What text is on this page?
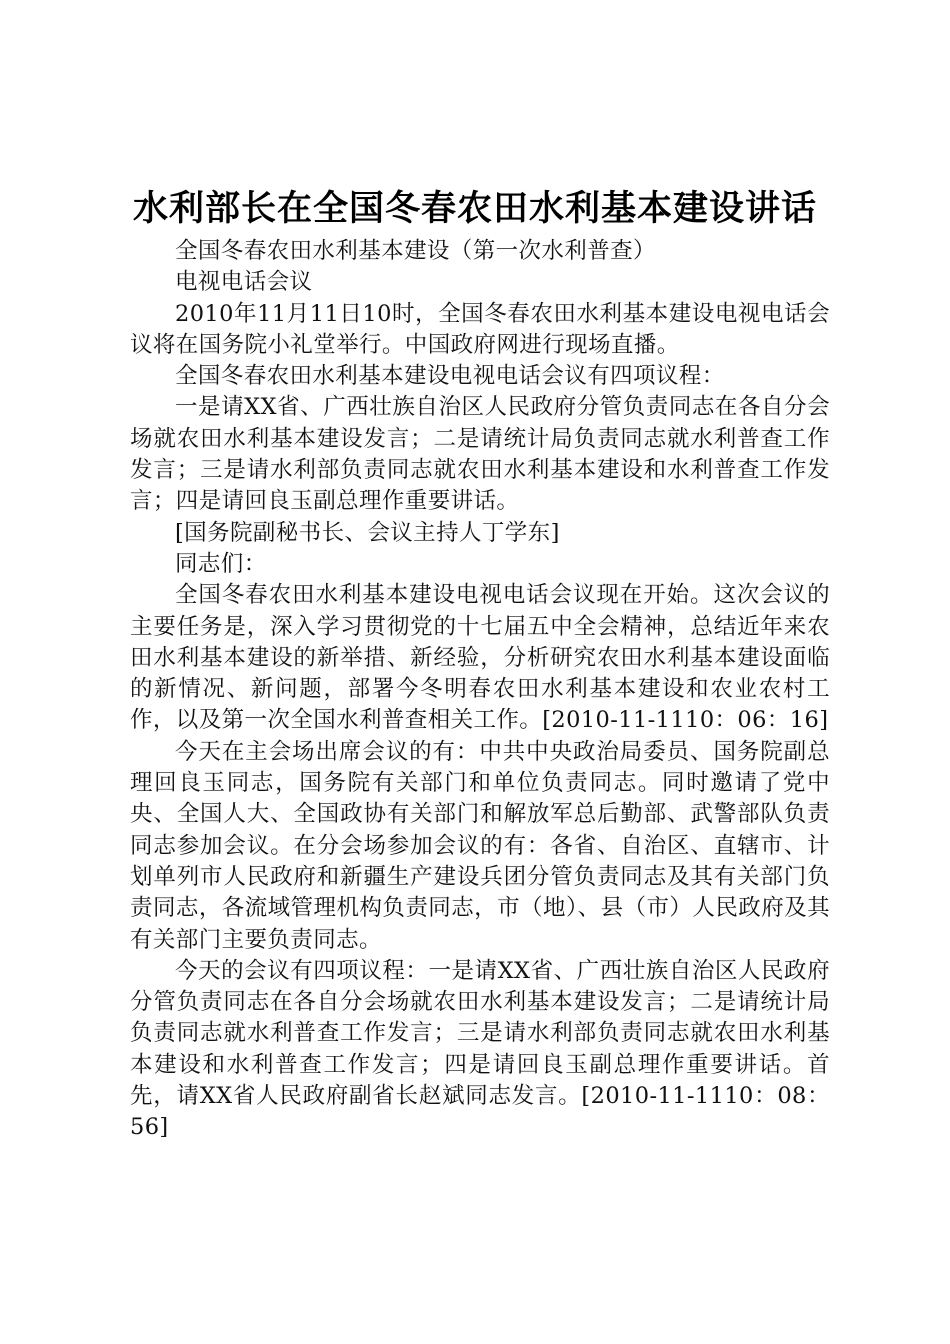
水利部长在全国冬春农田水利基本建设讲话

全国冬春农田水利基本建设（第一次水利普查）

电视电话会议

2010年11月11日10时，全国冬春农田水利基本建设电视电话会议将在国务院小礼堂举行。中国政府网进行现场直播。

全国冬春农田水利基本建设电视电话会议有四项议程：

一是请XX省、广西壮族自治区人民政府分管负责同志在各自分会场就农田水利基本建设发言；二是请统计局负责同志就水利普查工作发言；三是请水利部负责同志就农田水利基本建设和水利普查工作发言；四是请回良玉副总理作重要讲话。

[国务院副秘书长、会议主持人丁学东]

同志们：

全国冬春农田水利基本建设电视电话会议现在开始。这次会议的主要任务是，深入学习贯彻党的十七届五中全会精神，总结近年来农田水利基本建设的新举措、新经验，分析研究农田水利基本建设面临的新情况、新问题，部署今冬明春农田水利基本建设和农业农村工作，以及第一次全国水利普查相关工作。[2010-11-1110：06：16]

今天在主会场出席会议的有：中共中央政治局委员、国务院副总理回良玉同志，国务院有关部门和单位负责同志。同时邀请了党中央、全国人大、全国政协有关部门和解放军总后勤部、武警部队负责同志参加会议。在分会场参加会议的有：各省、自治区、直辖市、计划单列市人民政府和新疆生产建设兵团分管负责同志及其有关部门负责同志，各流域管理机构负责同志，市（地）、县（市）人民政府及其有关部门主要负责同志。

今天的会议有四项议程：一是请XX省、广西壮族自治区人民政府分管负责同志在各自分会场就农田水利基本建设发言；二是请统计局负责同志就水利普查工作发言；三是请水利部负责同志就农田水利基本建设和水利普查工作发言；四是请回良玉副总理作重要讲话。首先，请XX省人民政府副省长赵斌同志发言。[2010-11-1110：08：56]
